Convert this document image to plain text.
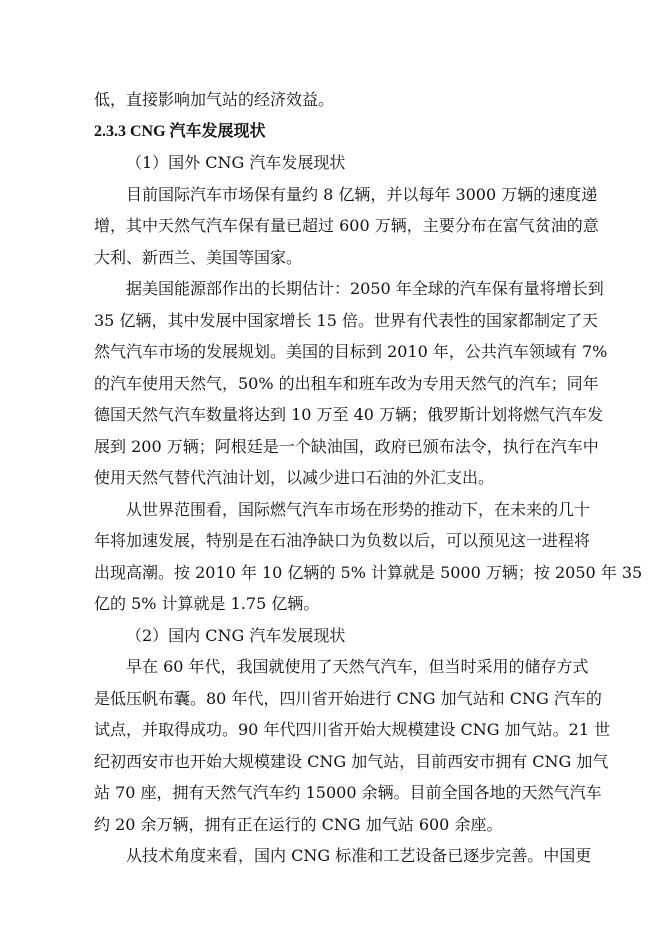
低，直接影响加气站的经济效益。
2.3.3 CNG 汽车发展现状
（1）国外 CNG 汽车发展现状
目前国际汽车市场保有量约 8 亿辆，并以每年 3000 万辆的速度递
增，其中天然气汽车保有量已超过 600 万辆，主要分布在富气贫油的意
大利、新西兰、美国等国家。
据美国能源部作出的长期估计：2050 年全球的汽车保有量将增长到
35 亿辆，其中发展中国家增长 15 倍。世界有代表性的国家都制定了天
然气汽车市场的发展规划。美国的目标到 2010 年，公共汽车领域有 7%
的汽车使用天然气，50% 的出租车和班车改为专用天然气的汽车；同年
德国天然气汽车数量将达到 10 万至 40 万辆；俄罗斯计划将燃气汽车发
展到 200 万辆；阿根廷是一个缺油国，政府已颁布法令，执行在汽车中
使用天然气替代汽油计划，以减少进口石油的外汇支出。
从世界范围看，国际燃气汽车市场在形势的推动下，在未来的几十
年将加速发展，特别是在石油净缺口为负数以后，可以预见这一进程将
出现高潮。按 2010 年 10 亿辆的 5% 计算就是 5000 万辆；按 2050 年 35
亿的 5% 计算就是 1.75 亿辆。
（2）国内 CNG 汽车发展现状
早在 60 年代，我国就使用了天然气汽车，但当时采用的储存方式
是低压帆布囊。80 年代，四川省开始进行 CNG 加气站和 CNG 汽车的
试点，并取得成功。90 年代四川省开始大规模建设 CNG 加气站。21 世
纪初西安市也开始大规模建设 CNG 加气站，目前西安市拥有 CNG 加气
站 70 座，拥有天然气汽车约 15000 余辆。目前全国各地的天然气汽车
约 20 余万辆，拥有正在运行的 CNG 加气站 600 余座。
从技术角度来看，国内 CNG 标准和工艺设备已逐步完善。中国更
